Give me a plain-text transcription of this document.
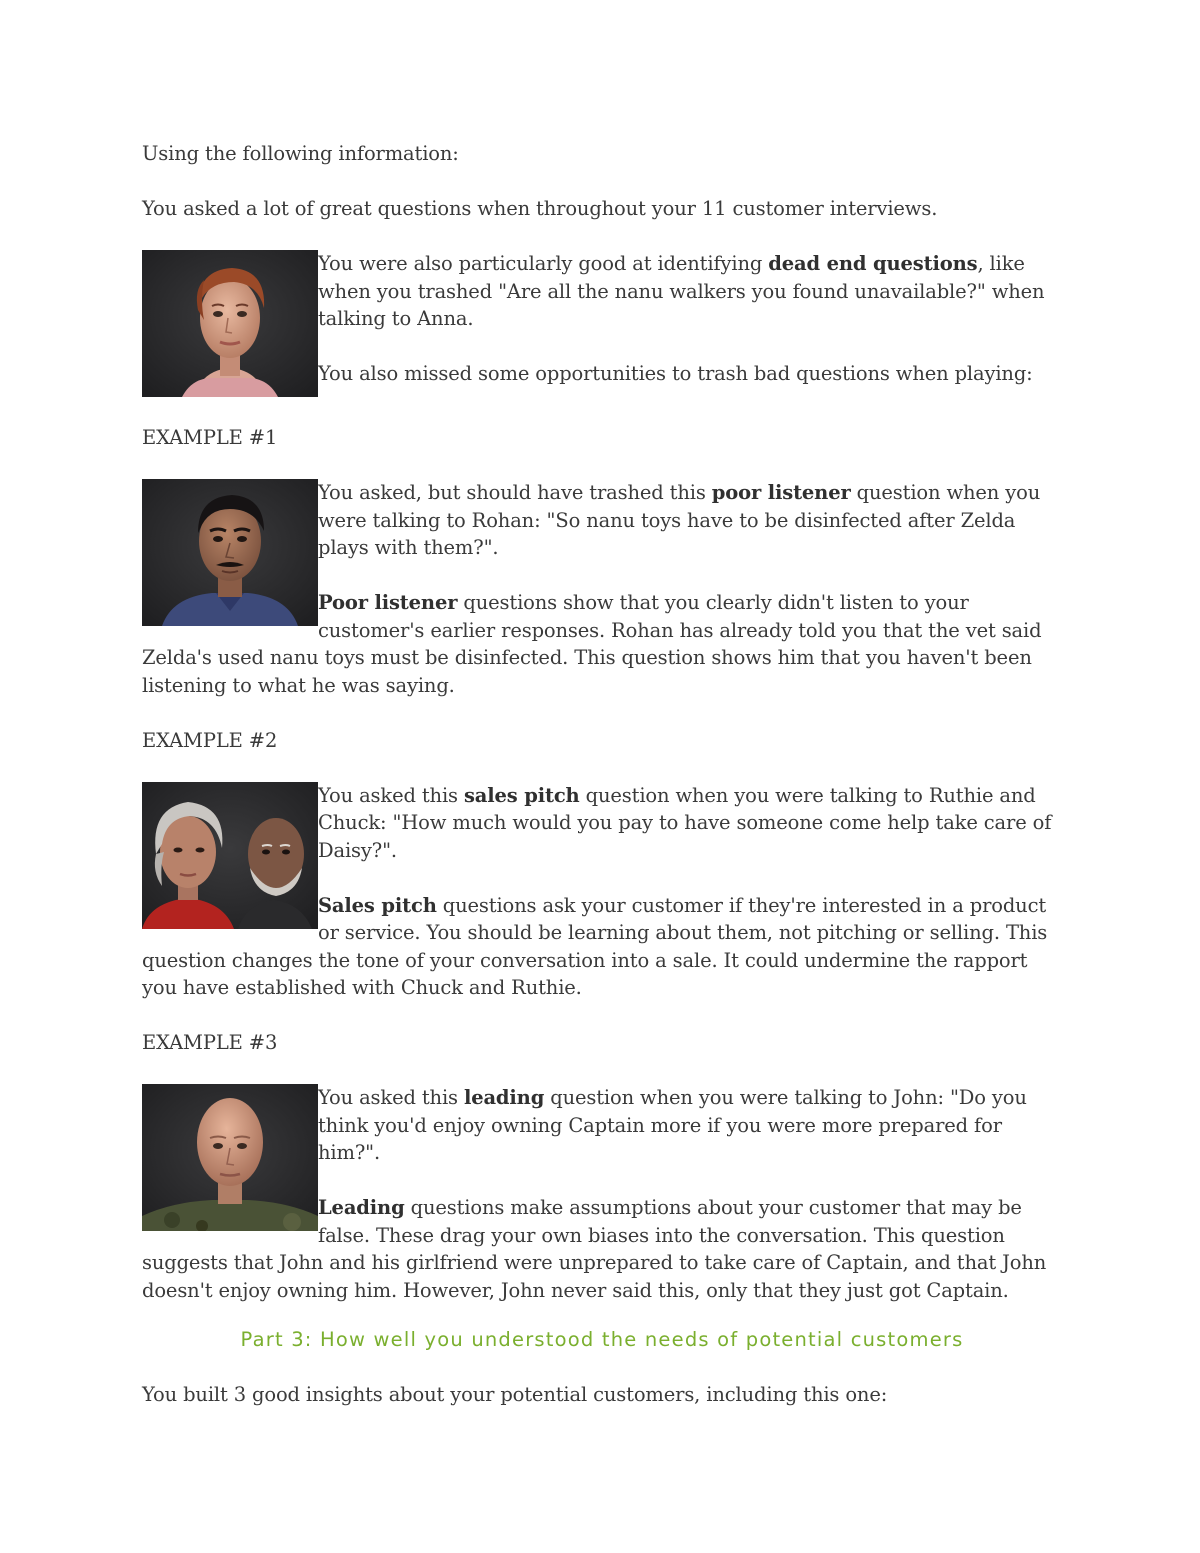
Using the following information:

You asked a lot of great questions when throughout your 11 customer interviews.

You were also particularly good at identifying dead end questions, like when you trashed "Are all the nanu walkers you found unavailable?" when talking to Anna.

You also missed some opportunities to trash bad questions when playing:

EXAMPLE #1

You asked, but should have trashed this poor listener question when you were talking to Rohan: "So nanu toys have to be disinfected after Zelda plays with them?".

Poor listener questions show that you clearly didn't listen to your customer's earlier responses. Rohan has already told you that the vet said Zelda's used nanu toys must be disinfected. This question shows him that you haven't been listening to what he was saying.

EXAMPLE #2

You asked this sales pitch question when you were talking to Ruthie and Chuck: "How much would you pay to have someone come help take care of Daisy?".

Sales pitch questions ask your customer if they're interested in a product or service. You should be learning about them, not pitching or selling. This question changes the tone of your conversation into a sale. It could undermine the rapport you have established with Chuck and Ruthie.

EXAMPLE #3

You asked this leading question when you were talking to John: "Do you think you'd enjoy owning Captain more if you were more prepared for him?".

Leading questions make assumptions about your customer that may be false. These drag your own biases into the conversation. This question suggests that John and his girlfriend were unprepared to take care of Captain, and that John doesn't enjoy owning him. However, John never said this, only that they just got Captain.

Part 3: How well you understood the needs of potential customers

You built 3 good insights about your potential customers, including this one:
